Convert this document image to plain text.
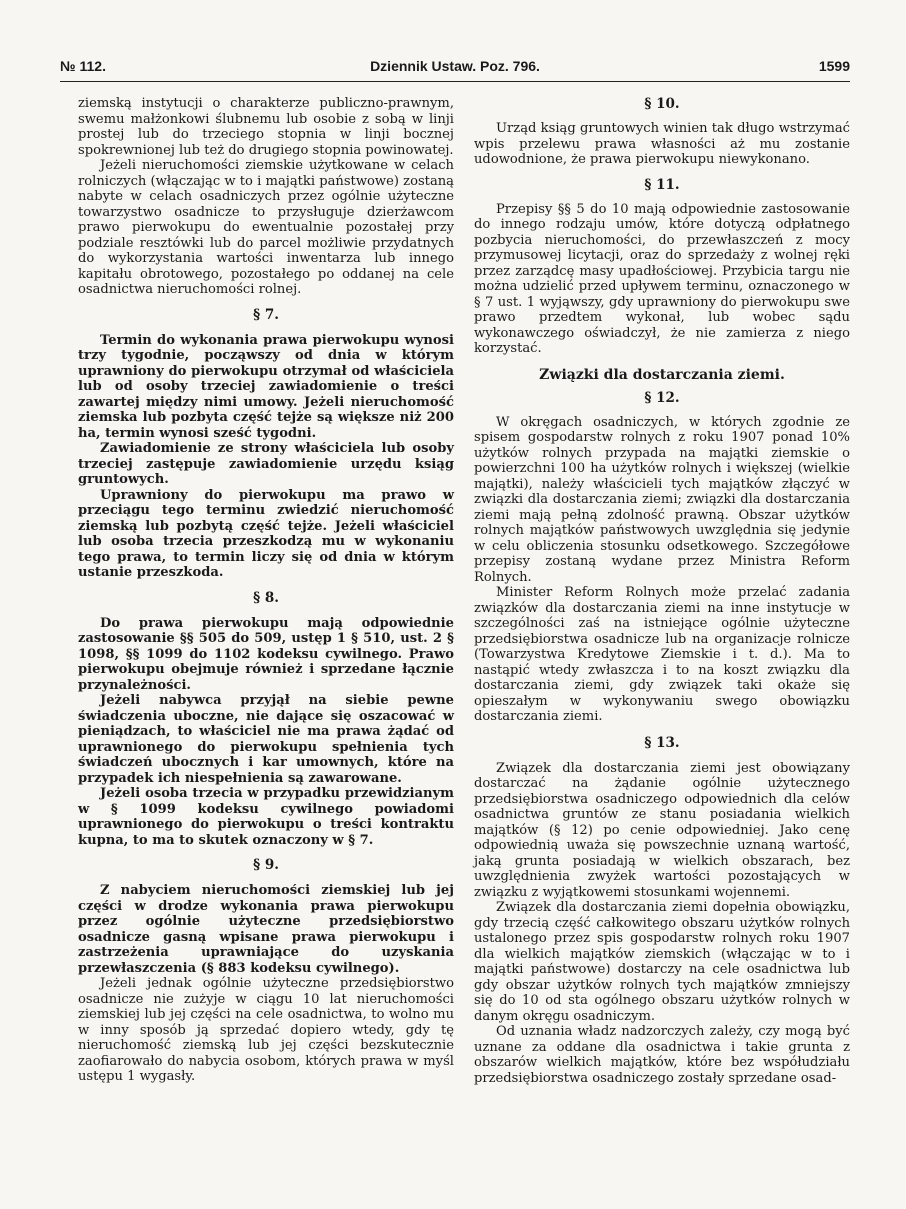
№ 112.	Dziennik Ustaw. Poz. 796.	1599

ziemską instytucji o charakterze publiczno-prawnym, swemu małżonkowi ślubnemu lub osobie z sobą w linji prostej lub do trzeciego stopnia w linji bocznej spokrewnionej lub też do drugiego stopnia powinowatej.

Jeżeli nieruchomości ziemskie użytkowane w celach rolniczych (włączając w to i majątki państwowe) zostaną nabyte w celach osadniczych przez ogólnie użyteczne towarzystwo osadnicze to przysługuje dzierżawcom prawo pierwokupu do ewentualnie pozostałej przy podziale resztówki lub do parcel możliwie przydatnych do wykorzystania wartości inwentarza lub innego kapitału obrotowego, pozostałego po oddanej na cele osadnictwa nieruchomości rolnej.

§ 7.

Termin do wykonania prawa pierwokupu wynosi trzy tygodnie, począwszy od dnia w którym uprawniony do pierwokupu otrzymał od właściciela lub od osoby trzeciej zawiadomienie o treści zawartej między nimi umowy. Jeżeli nieruchomość ziemska lub pozbyta część tejże są większe niż 200 ha, termin wynosi sześć tygodni.

Zawiadomienie ze strony właściciela lub osoby trzeciej zastępuje zawiadomienie urzędu ksiąg gruntowych.

Uprawniony do pierwokupu ma prawo w przeciągu tego terminu zwiedzić nieruchomość ziemską lub pozbytą część tejże. Jeżeli właściciel lub osoba trzecia przeszkodzą mu w wykonaniu tego prawa, to termin liczy się od dnia w którym ustanie przeszkoda.

§ 8.

Do prawa pierwokupu mają odpowiednie zastosowanie §§ 505 do 509, ustęp 1 § 510, ust. 2 § 1098, §§ 1099 do 1102 kodeksu cywilnego. Prawo pierwokupu obejmuje również i sprzedane łącznie przynależności.

Jeżeli nabywca przyjął na siebie pewne świadczenia uboczne, nie dające się oszacować w pieniądzach, to właściciel nie ma prawa żądać od uprawnionego do pierwokupu spełnienia tych świadczeń ubocznych i kar umownych, które na przypadek ich niespełnienia są zawarowane.

Jeżeli osoba trzecia w przypadku przewidzianym w § 1099 kodeksu cywilnego powiadomi uprawnionego do pierwokupu o treści kontraktu kupna, to ma to skutek oznaczony w § 7.

§ 9.

Z nabyciem nieruchomości ziemskiej lub jej części w drodze wykonania prawa pierwokupu przez ogólnie użyteczne przedsiębiorstwo osadnicze gasną wpisane prawa pierwokupu i zastrzeżenia uprawniające do uzyskania przewłaszczenia (§ 883 kodeksu cywilnego).

Jeżeli jednak ogólnie użyteczne przedsiębiorstwo osadnicze nie zużyje w ciągu 10 lat nieruchomości ziemskiej lub jej części na cele osadnictwa, to wolno mu w inny sposób ją sprzedać dopiero wtedy, gdy tę nieruchomość ziemską lub jej części bezskutecznie zaofiarowało do nabycia osobom, których prawa w myśl ustępu 1 wygasły.

§ 10.

Urząd ksiąg gruntowych winien tak długo wstrzymać wpis przelewu prawa własności aż mu zostanie udowodnione, że prawa pierwokupu niewykonano.

§ 11.

Przepisy §§ 5 do 10 mają odpowiednie zastosowanie do innego rodzaju umów, które dotyczą odpłatnego pozbycia nieruchomości, do przewłaszczeń z mocy przymusowej licytacji, oraz do sprzedaży z wolnej ręki przez zarządcę masy upadłościowej. Przybicia targu nie można udzielić przed upływem terminu, oznaczonego w § 7 ust. 1 wyjąwszy, gdy uprawniony do pierwokupu swe prawo przedtem wykonał, lub wobec sądu wykonawczego oświadczył, że nie zamierza z niego korzystać.

Związki dla dostarczania ziemi.
§ 12.

W okręgach osadniczych, w których zgodnie ze spisem gospodarstw rolnych z roku 1907 ponad 10% użytków rolnych przypada na majątki ziemskie o powierzchni 100 ha użytków rolnych i większej (wielkie majątki), należy właścicieli tych majątków złączyć w związki dla dostarczania ziemi; związki dla dostarczania ziemi mają pełną zdolność prawną. Obszar użytków rolnych majątków państwowych uwzględnia się jedynie w celu obliczenia stosunku odsetkowego. Szczegółowe przepisy zostaną wydane przez Ministra Reform Rolnych.

Minister Reform Rolnych może przelać zadania związków dla dostarczania ziemi na inne instytucje w szczególności zaś na istniejące ogólnie użyteczne przedsiębiorstwa osadnicze lub na organizacje rolnicze (Towarzystwa Kredytowe Ziemskie i t. d.). Ma to nastąpić wtedy zwłaszcza i to na koszt związku dla dostarczania ziemi, gdy związek taki okaże się opieszałym w wykonywaniu swego obowiązku dostarczania ziemi.

§ 13.

Związek dla dostarczania ziemi jest obowiązany dostarczać na żądanie ogólnie użytecznego przedsiębiorstwa osadniczego odpowiednich dla celów osadnictwa gruntów ze stanu posiadania wielkich majątków (§ 12) po cenie odpowiedniej. Jako cenę odpowiednią uważa się powszechnie uznaną wartość, jaką grunta posiadają w wielkich obszarach, bez uwzględnienia zwyżek wartości pozostających w związku z wyjątkowemi stosunkami wojennemi.

Związek dla dostarczania ziemi dopełnia obowiązku, gdy trzecią część całkowitego obszaru użytków rolnych ustalonego przez spis gospodarstw rolnych roku 1907 dla wielkich majątków ziemskich (włączając w to i majątki państwowe) dostarczy na cele osadnictwa lub gdy obszar użytków rolnych tych majątków zmniejszy się do 10 od sta ogólnego obszaru użytków rolnych w danym okręgu osadniczym.

Od uznania władz nadzorczych zależy, czy mogą być uznane za oddane dla osadnictwa i takie grunta z obszarów wielkich majątków, które bez współudziału przedsiębiorstwa osadniczego zostały sprzedane osad-
